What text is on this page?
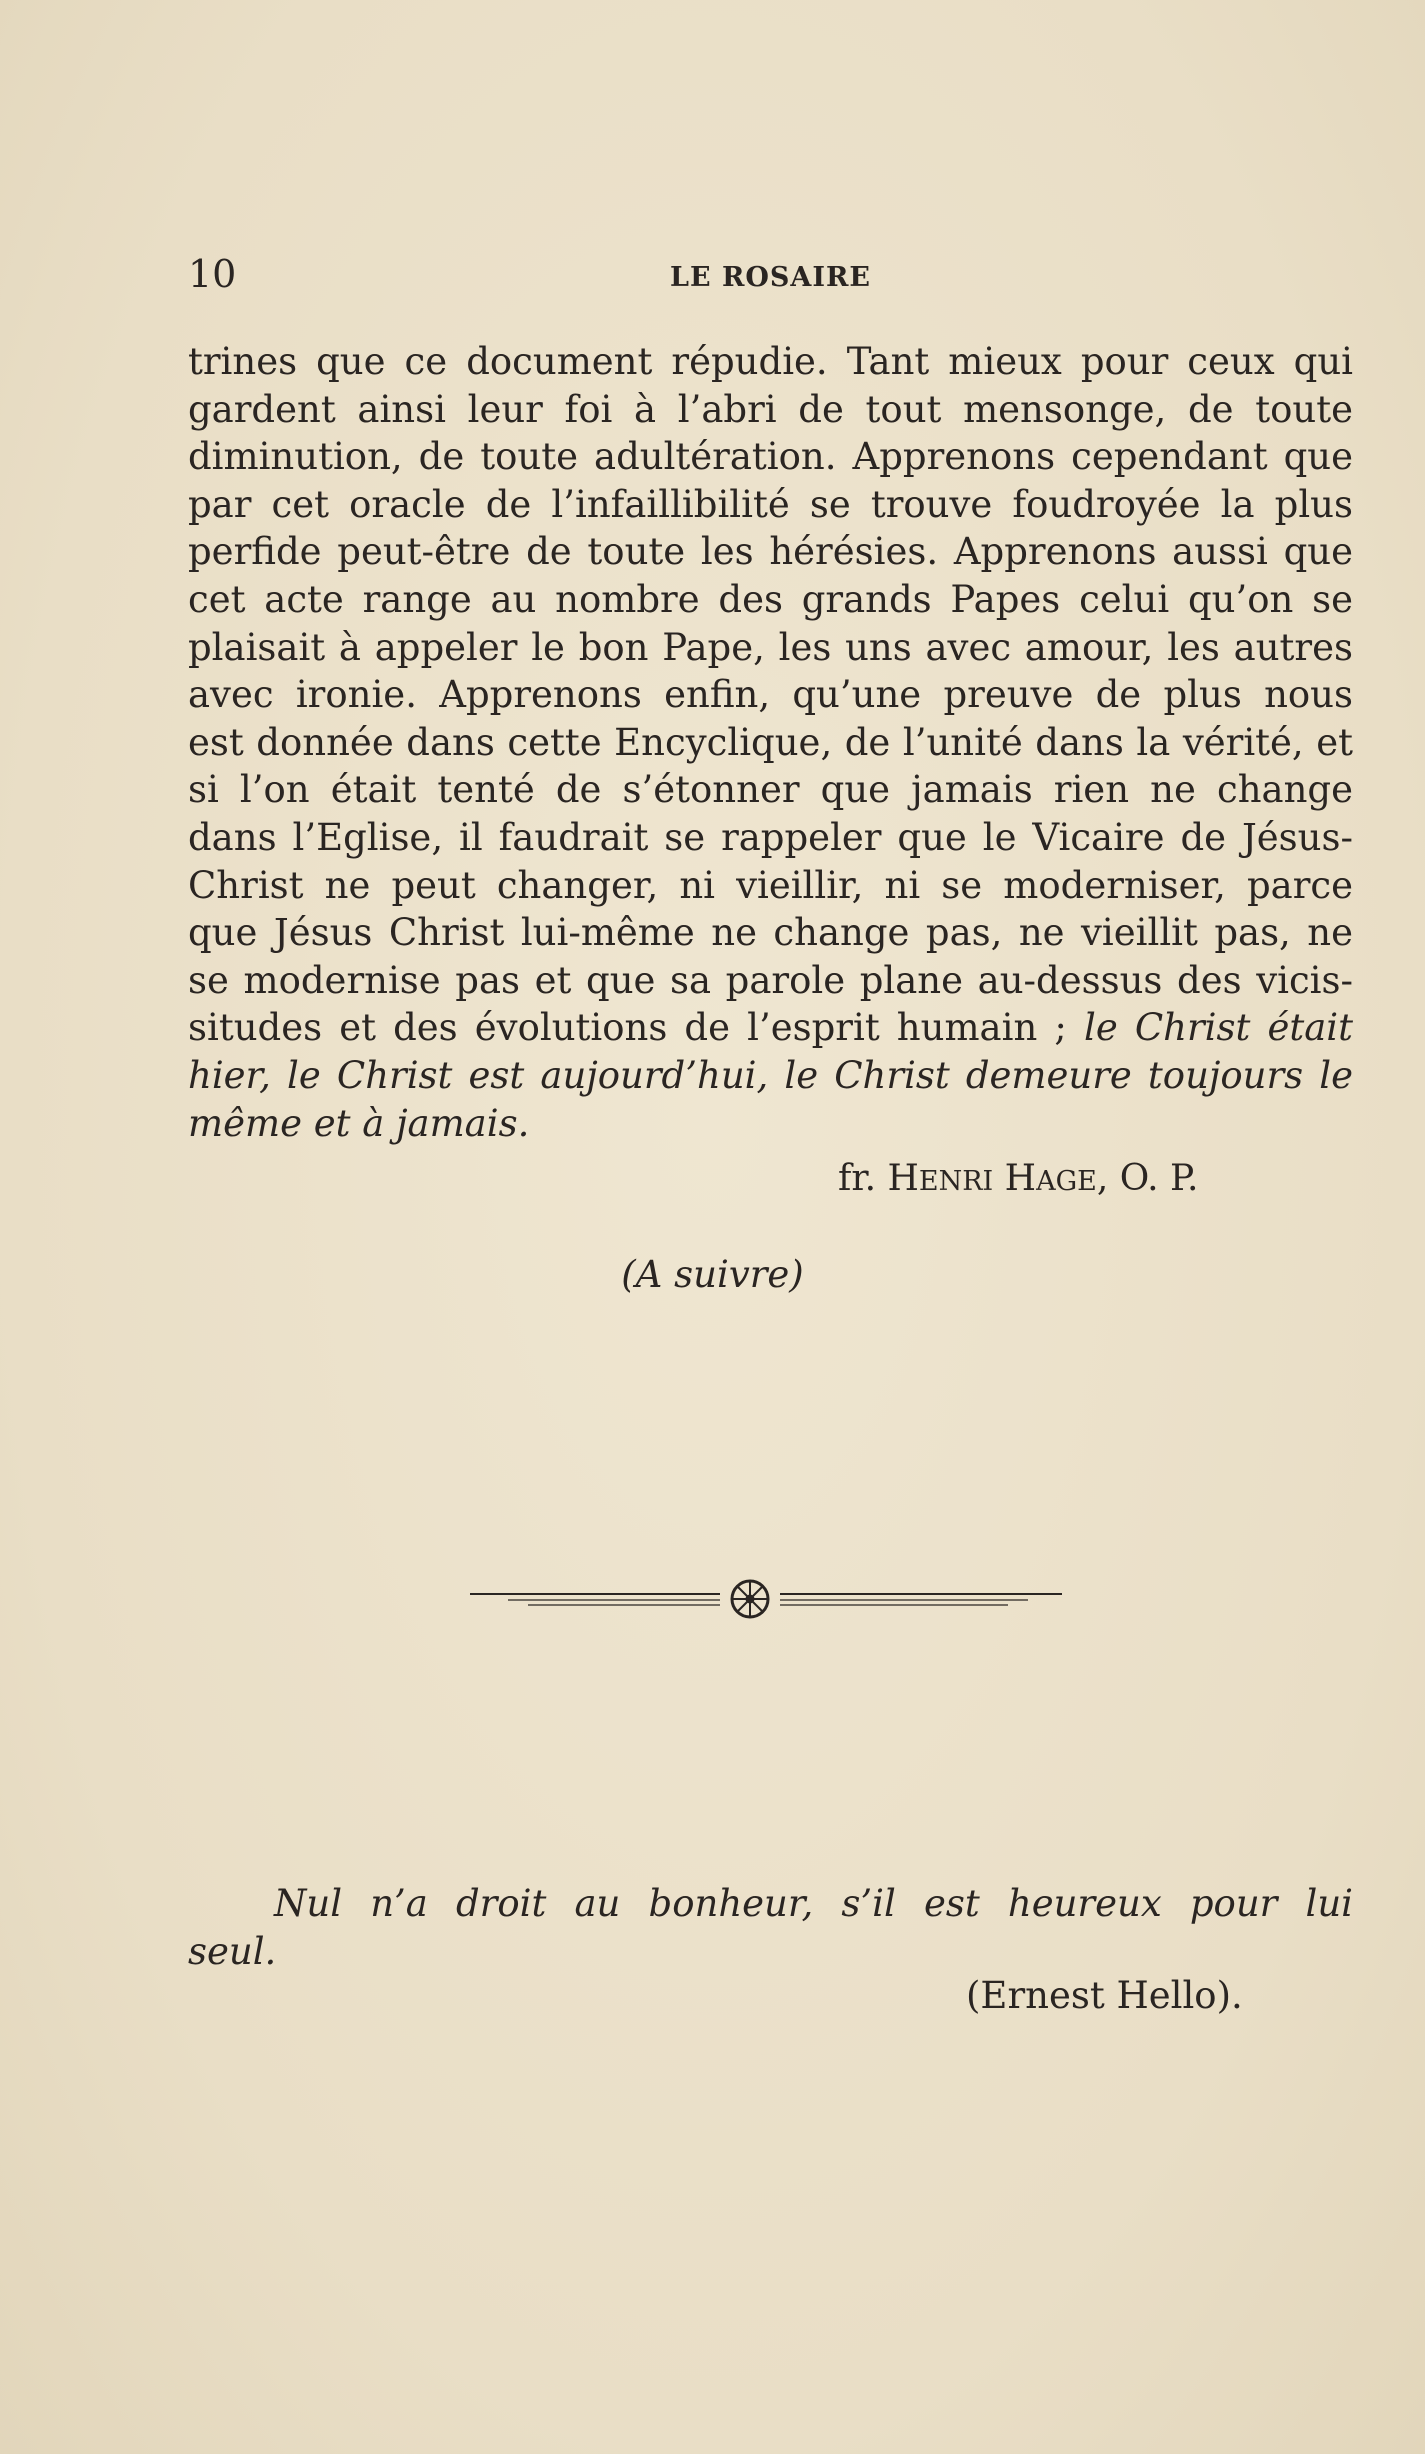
10	LE ROSAIRE
trines que ce document répudie. Tant mieux pour ceux qui
gardent ainsi leur foi à l’abri de tout mensonge, de toute
diminution, de toute adultération. Apprenons cependant que
par cet oracle de l’infaillibilité se trouve foudroyée la plus
perfide peut-être de toute les hérésies. Apprenons aussi que
cet acte range au nombre des grands Papes celui qu’on se
plaisait à appeler le bon Pape, les uns avec amour, les autres
avec ironie. Apprenons enfin, qu’une preuve de plus nous
est donnée dans cette Encyclique, de l’unité dans la vérité, et
si l’on était tenté de s’étonner que jamais rien ne change
dans l’Eglise, il faudrait se rappeler que le Vicaire de Jésus-
Christ ne peut changer, ni vieillir, ni se moderniser, parce
que Jésus Christ lui-même ne change pas, ne vieillit pas, ne
se modernise pas et que sa parole plane au-dessus des vicis-
situdes et des évolutions de l’esprit humain ; le Christ était
hier, le Christ est aujourd’hui, le Christ demeure toujours le
même et à jamais.
fr. HENRI HAGE, O. P.
(A suivre)
Nul n’a droit au bonheur, s’il est heureux pour lui
seul.
(Ernest Hello).
